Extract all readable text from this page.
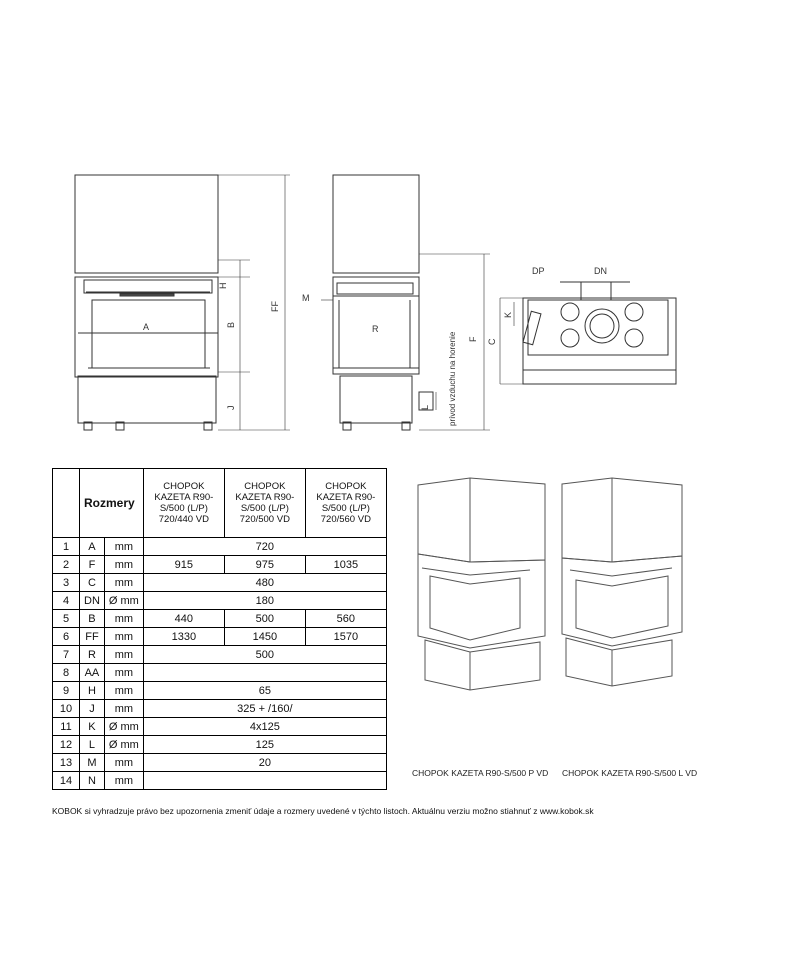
H
B
A
J
FF
M
R
L
F
prívod vzduchu na horenie
DP	DN
K
C
	Rozmery		CHOPOK KAZETA R90-S/500 (L/P) 720/440 VD	CHOPOK KAZETA R90-S/500 (L/P) 720/500 VD	CHOPOK KAZETA R90-S/500 (L/P) 720/560 VD
1	A	mm	720		
2	F	mm	915	975	1035
3	C	mm	480		
4	DN	Ø mm	180		
5	B	mm	440	500	560
6	FF	mm	1330	1450	1570
7	R	mm	500		
8	AA	mm			
9	H	mm	65		
10	J	mm	325 + /160/		
11	K	Ø mm	4x125		
12	L	Ø mm	125		
13	M	mm	20		
14	N	mm			
CHOPOK KAZETA R90-S/500 P VD CHOPOK KAZETA R90-S/500 L VD
KOBOK si vyhradzuje právo bez upozornenia zmeniť údaje a rozmery uvedené v týchto listoch. Aktuálnu verziu možno stiahnuť z www.kobok.sk
